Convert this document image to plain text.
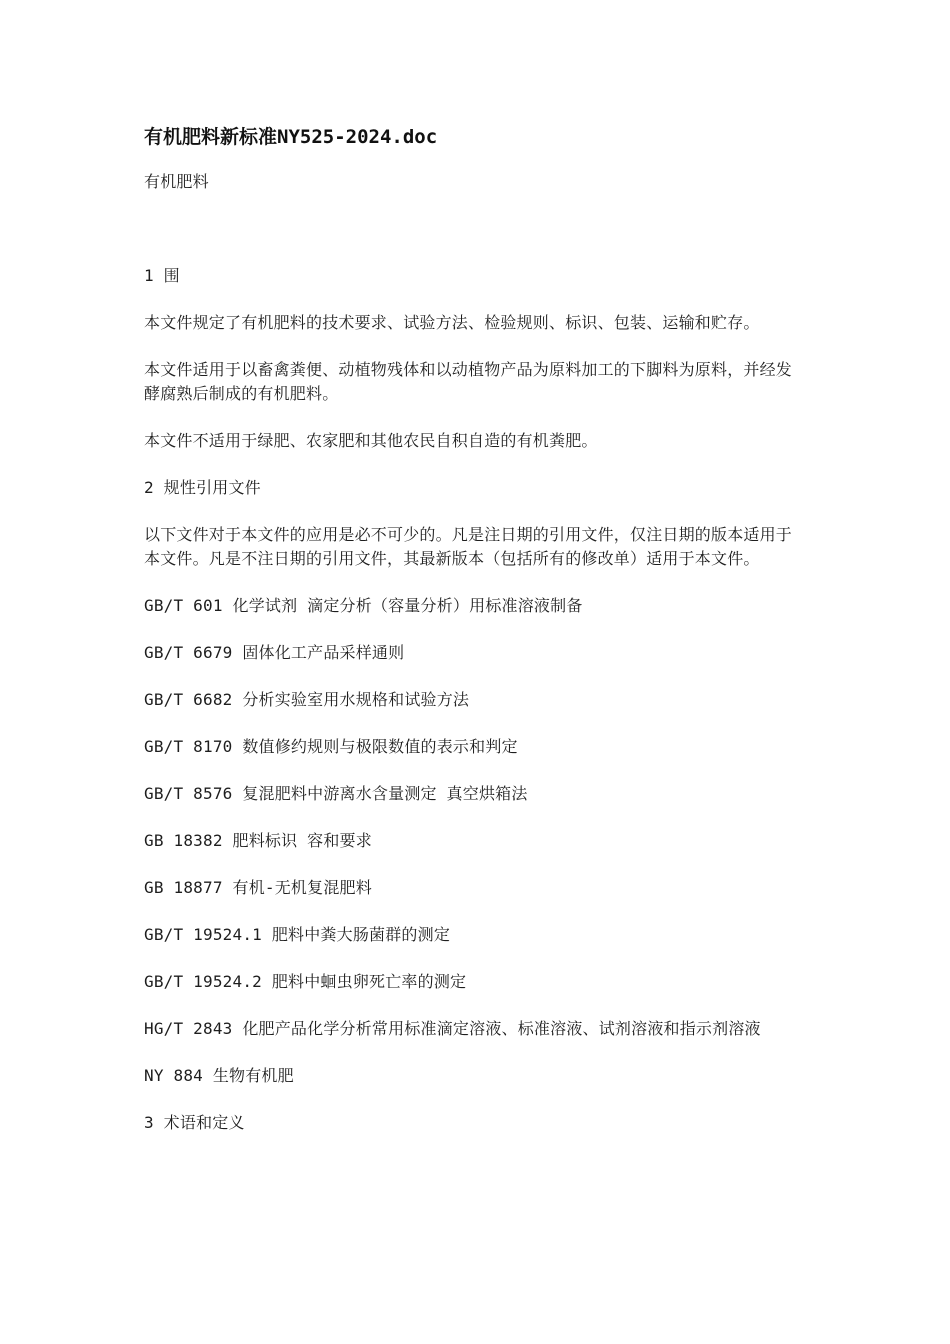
有机肥料新标准NY525-2024.doc

有机肥料

1 围

本文件规定了有机肥料的技术要求、试验方法、检验规则、标识、包装、运输和贮存。

本文件适用于以畜禽粪便、动植物残体和以动植物产品为原料加工的下脚料为原料，并经发酵腐熟后制成的有机肥料。

本文件不适用于绿肥、农家肥和其他农民自积自造的有机粪肥。

2 规性引用文件

以下文件对于本文件的应用是必不可少的。凡是注日期的引用文件，仅注日期的版本适用于本文件。凡是不注日期的引用文件，其最新版本（包括所有的修改单）适用于本文件。

GB/T 601 化学试剂 滴定分析（容量分析）用标准溶液制备

GB/T 6679 固体化工产品采样通则

GB/T 6682 分析实验室用水规格和试验方法

GB/T 8170 数值修约规则与极限数值的表示和判定

GB/T 8576 复混肥料中游离水含量测定 真空烘箱法

GB 18382 肥料标识 容和要求

GB 18877 有机-无机复混肥料

GB/T 19524.1 肥料中粪大肠菌群的测定

GB/T 19524.2 肥料中蛔虫卵死亡率的测定

HG/T 2843 化肥产品化学分析常用标准滴定溶液、标准溶液、试剂溶液和指示剂溶液

NY 884 生物有机肥

3 术语和定义
